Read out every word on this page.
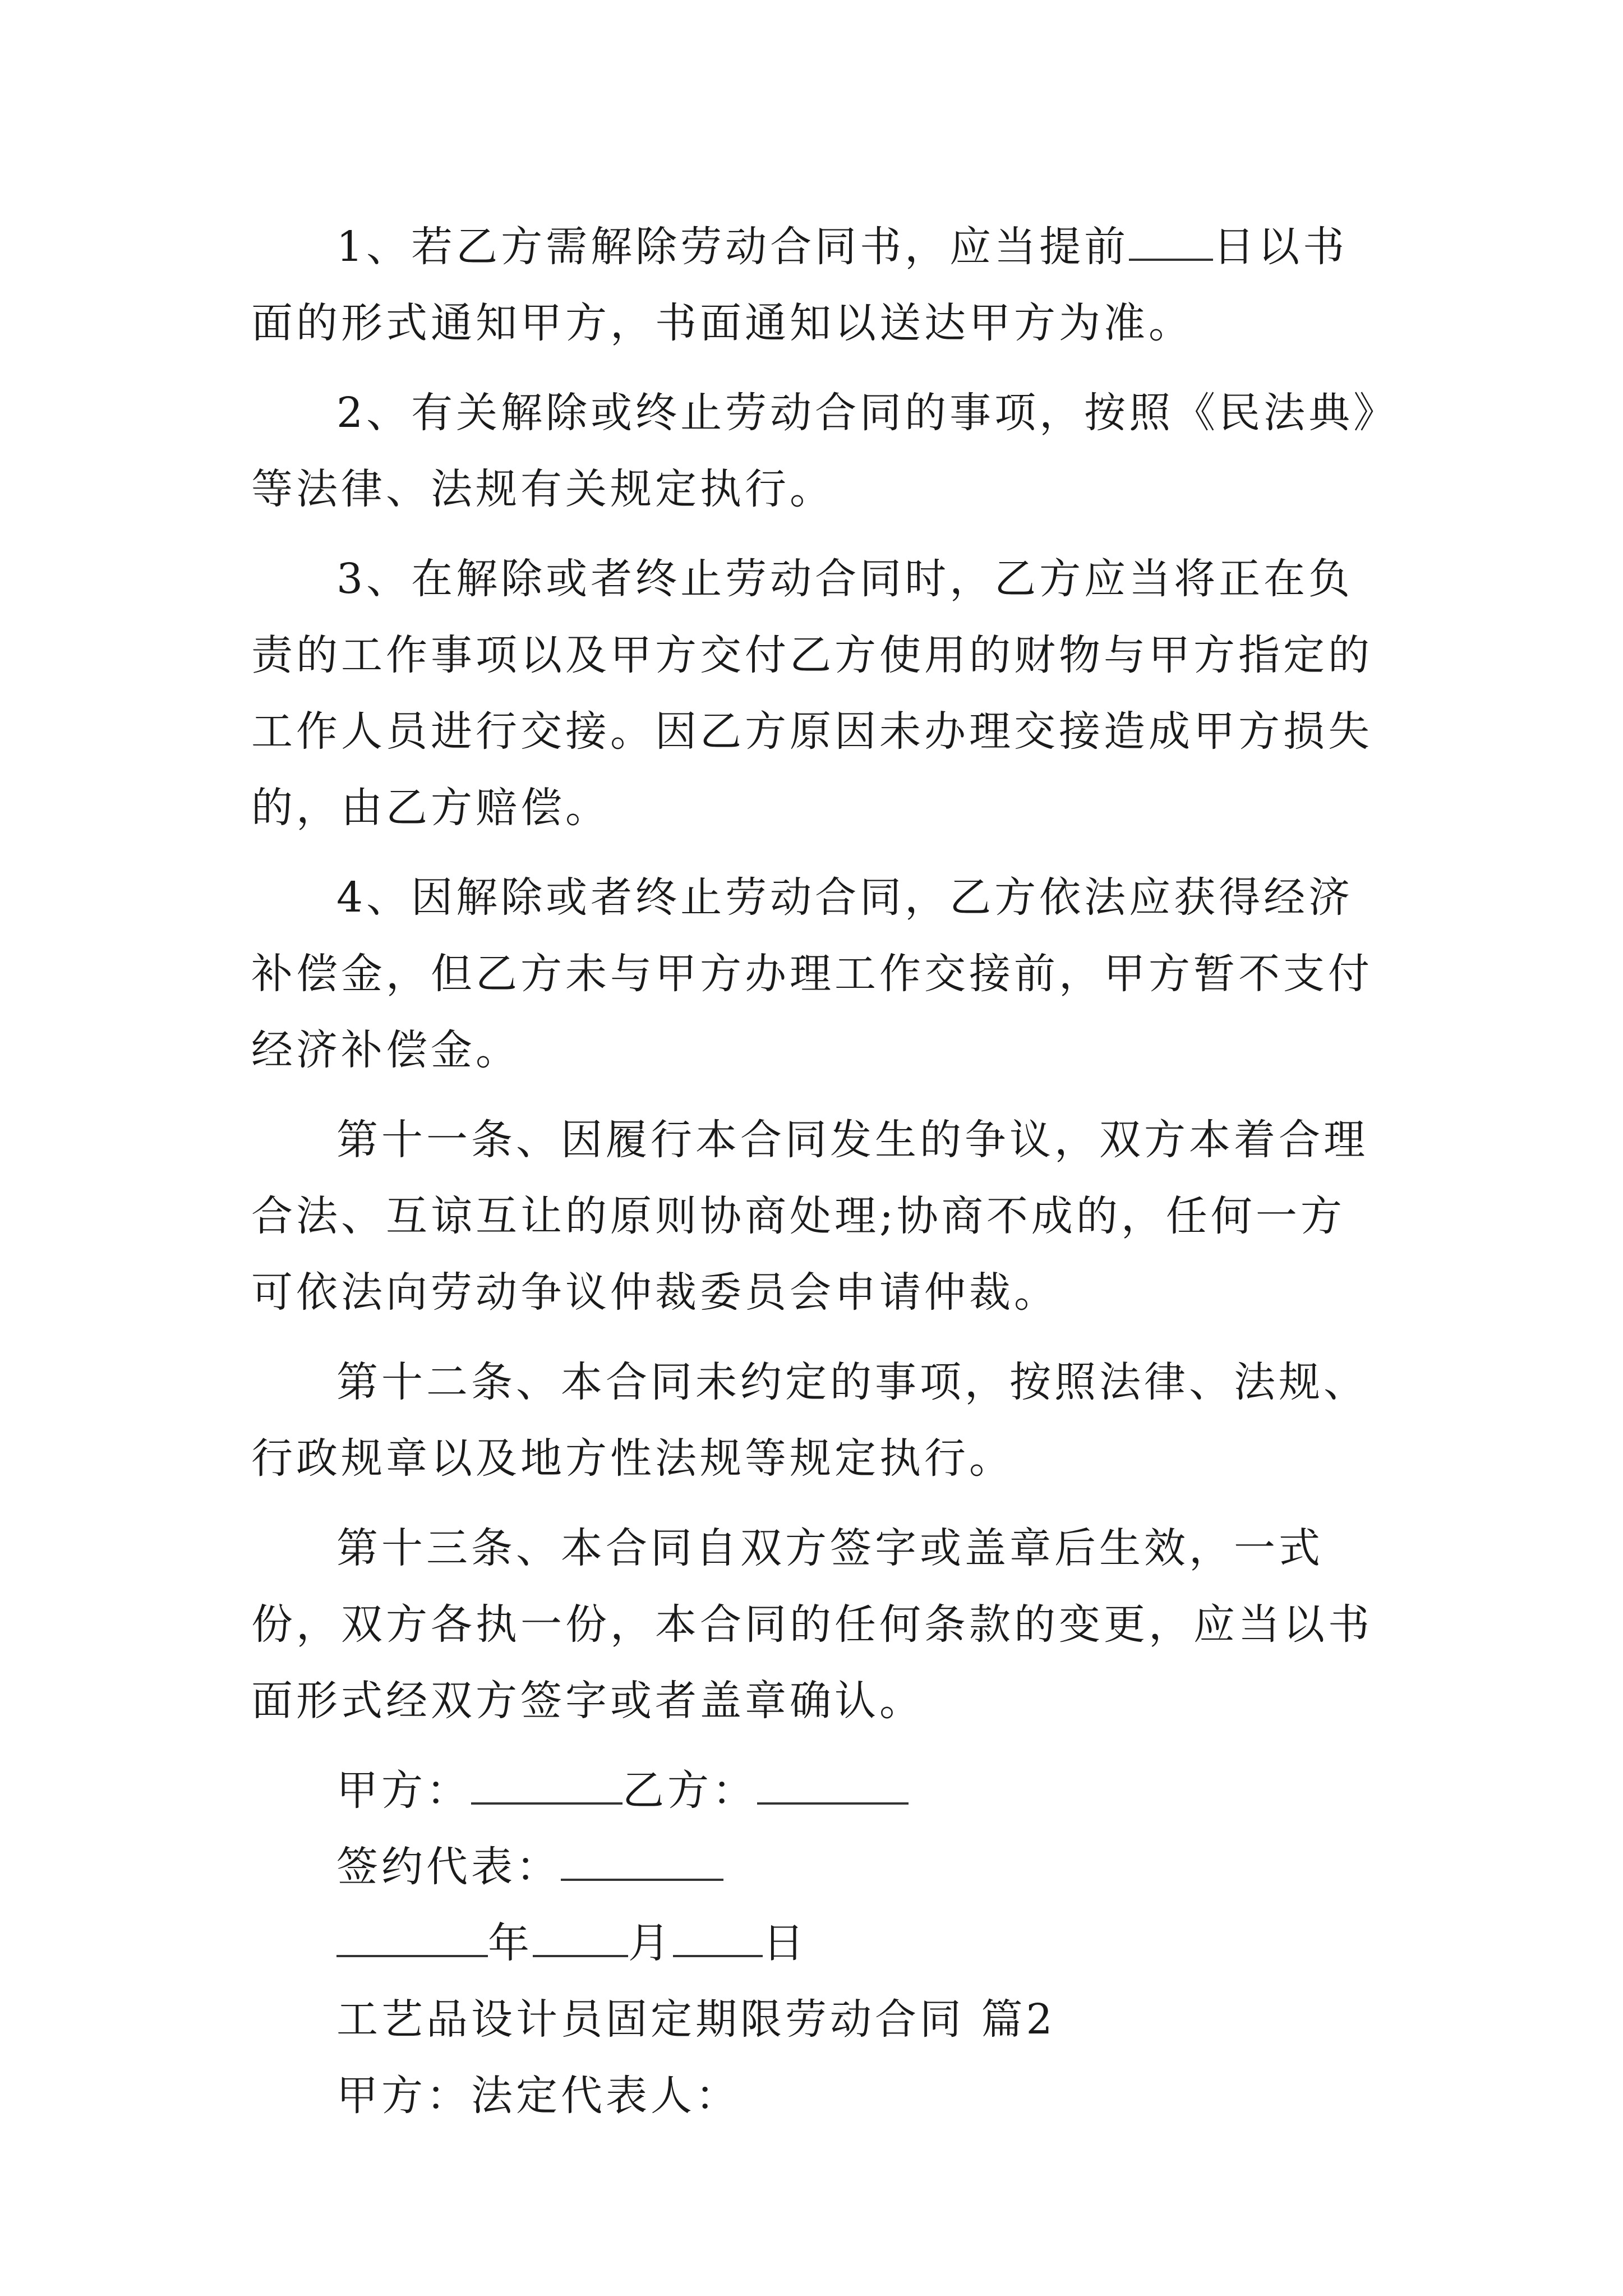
1、若乙方需解除劳动合同书，应当提前 日以书面的形式通知甲方，书面通知以送达甲方为准。

2、有关解除或终止劳动合同的事项，按照《民法典》等法律、法规有关规定执行。

3、在解除或者终止劳动合同时，乙方应当将正在负责的工作事项以及甲方交付乙方使用的财物与甲方指定的工作人员进行交接。因乙方原因未办理交接造成甲方损失的，由乙方赔偿。

4、因解除或者终止劳动合同，乙方依法应获得经济补偿金，但乙方未与甲方办理工作交接前，甲方暂不支付经济补偿金。

第十一条、因履行本合同发生的争议，双方本着合理合法、互谅互让的原则协商处理;协商不成的，任何一方可依法向劳动争议仲裁委员会申请仲裁。

第十二条、本合同未约定的事项，按照法律、法规、行政规章以及地方性法规等规定执行。

第十三条、本合同自双方签字或盖章后生效，一式份，双方各执一份，本合同的任何条款的变更，应当以书面形式经双方签字或者盖章确认。

甲方：	乙方：

签约代表：

年 月 日

工艺品设计员固定期限劳动合同 篇2

甲方：法定代表人：
